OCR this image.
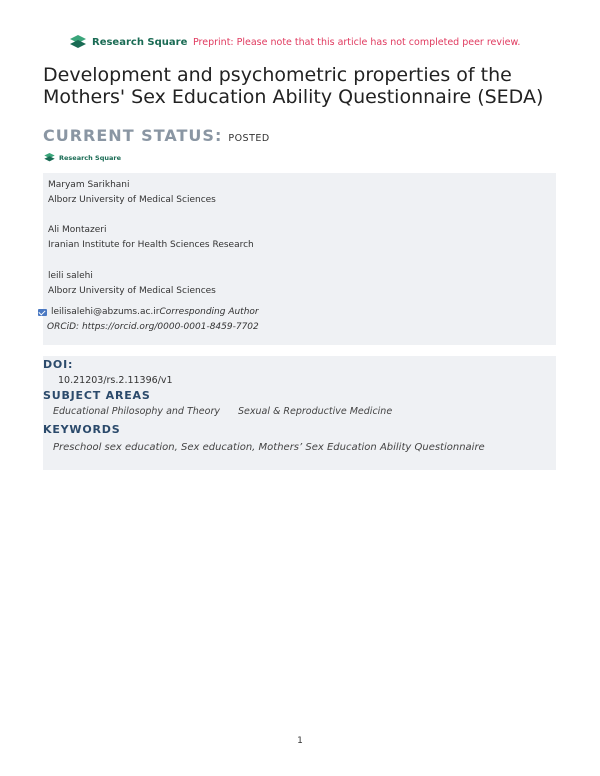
Research Square Preprint: Please note that this article has not completed peer review.
Development and psychometric properties of the Mothers' Sex Education Ability Questionnaire (SEDA)
CURRENT STATUS: POSTED
Research Square
Maryam Sarikhani
Alborz University of Medical Sciences
Ali Montazeri
Iranian Institute for Health Sciences Research
leili salehi
Alborz University of Medical Sciences
leilisalehi@abzums.ac.ir Corresponding Author
ORCiD: https://orcid.org/0000-0001-8459-7702
DOI:
10.21203/rs.2.11396/v1
SUBJECT AREAS
Educational Philosophy and Theory Sexual & Reproductive Medicine
KEYWORDS
Preschool sex education, Sex education, Mothers’ Sex Education Ability Questionnaire
1
